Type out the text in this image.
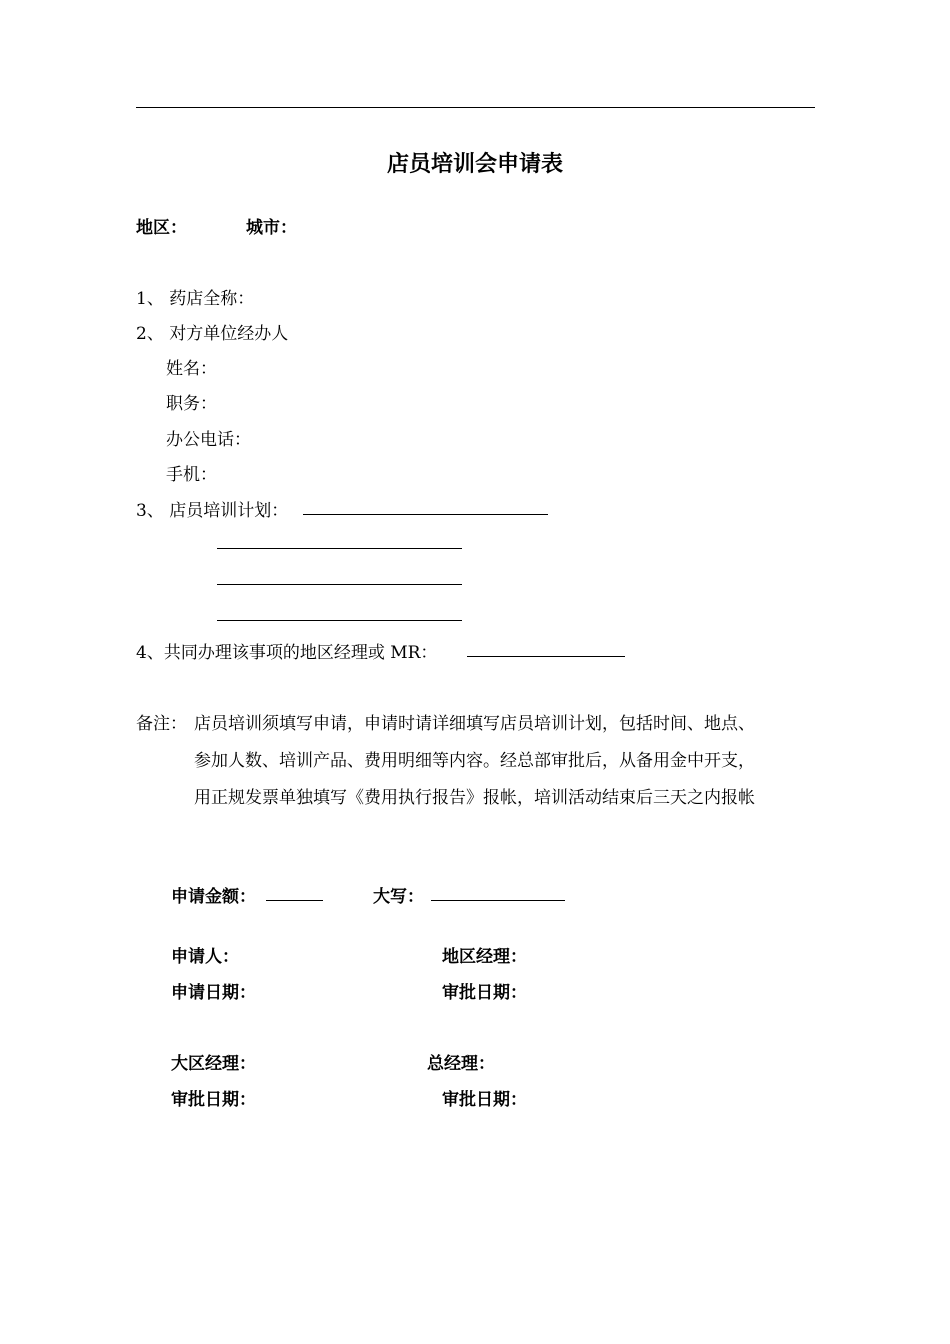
店员培训会申请表
地区：	城市：
1、 药店全称：
2、 对方单位经办人
姓名：
职务：
办公电话：
手机：
3、 店员培训计划：
4、共同办理该事项的地区经理或 MR：
备注： 店员培训须填写申请，申请时请详细填写店员培训计划，包括时间、地点、
参加人数、培训产品、费用明细等内容。经总部审批后，从备用金中开支，
用正规发票单独填写《费用执行报告》报帐，培训活动结束后三天之内报帐
申请金额：	大写：
申请人：	地区经理：
申请日期：	审批日期：
大区经理：	总经理：
审批日期：	审批日期：
